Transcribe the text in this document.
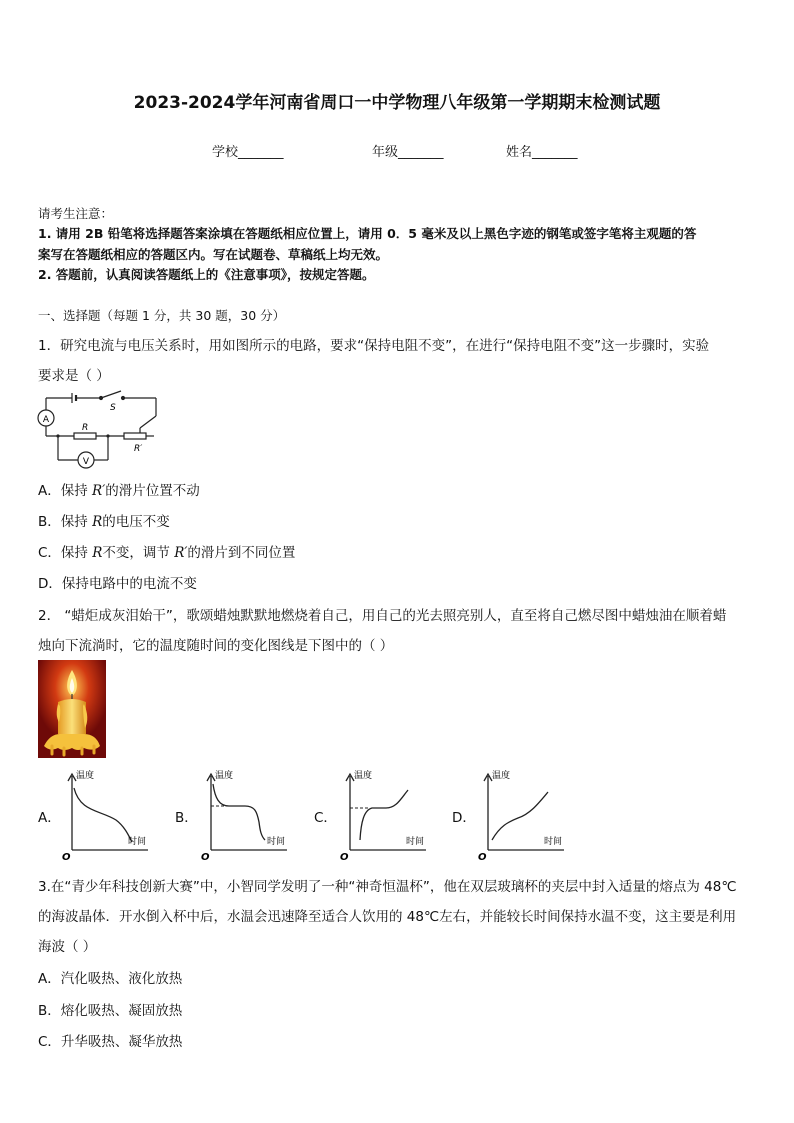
2023-2024学年河南省周口一中学物理八年级第一学期期末检测试题
学校_______	年级_______	姓名_______
请考生注意：
1. 请用 2B 铅笔将选择题答案涂填在答题纸相应位置上，请用 0．5 毫米及以上黑色字迹的钢笔或签字笔将主观题的答
案写在答题纸相应的答题区内。写在试题卷、草稿纸上均无效。
2. 答题前，认真阅读答题纸上的《注意事项》，按规定答题。
一、选择题（每题 1 分，共 30 题，30 分）
1．研究电流与电压关系时，用如图所示的电路，要求“保持电阻不变”，在进行“保持电阻不变”这一步骤时，实验
要求是（ ）
A
S
R
R′
V
A．保持 R′的滑片位置不动
B．保持 R的电压不变
C．保持 R不变，调节 R′的滑片到不同位置
D．保持电路中的电流不变
2． “蜡炬成灰泪始干”，歌颂蜡烛默默地燃烧着自己，用自己的光去照亮别人，直至将自己燃尽图中蜡烛油在顺着蜡
烛向下流淌时，它的温度随时间的变化图线是下图中的（ ）
A．	B．	C．	D．
温度
时间
O
温度
时间
O
温度
时间
O
温度
时间
O
3.在“青少年科技创新大赛”中，小智同学发明了一种“神奇恒温杯”，他在双层玻璃杯的夹层中封入适量的熔点为 48℃
的海波晶体．开水倒入杯中后，水温会迅速降至适合人饮用的 48℃左右，并能较长时间保持水温不变，这主要是利用
海波（ ）
A．汽化吸热、液化放热
B．熔化吸热、凝固放热
C．升华吸热、凝华放热
